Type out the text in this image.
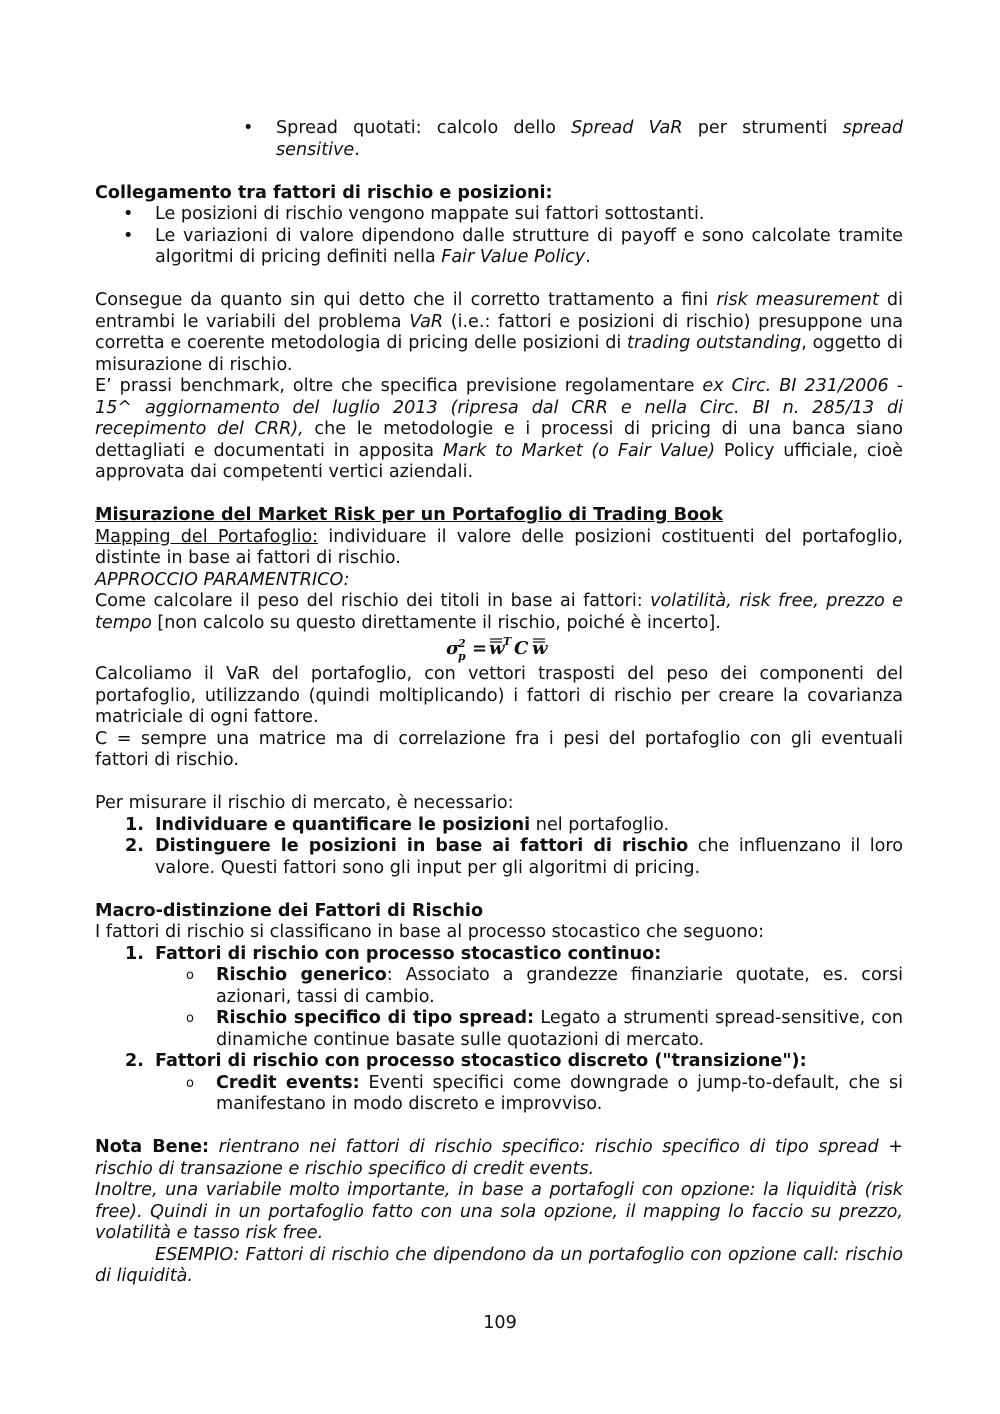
• Spread quotati: calcolo dello Spread VaR per strumenti spread sensitive.

Collegamento tra fattori di rischio e posizioni:

• Le posizioni di rischio vengono mappate sui fattori sottostanti.
• Le variazioni di valore dipendono dalle strutture di payoff e sono calcolate tramite algoritmi di pricing definiti nella Fair Value Policy.

Consegue da quanto sin qui detto che il corretto trattamento a fini risk measurement di entrambi le variabili del problema VaR (i.e.: fattori e posizioni di rischio) presuppone una corretta e coerente metodologia di pricing delle posizioni di trading outstanding, oggetto di misurazione di rischio.

E’ prassi benchmark, oltre che specifica previsione regolamentare ex Circ. BI 231/2006 - 15^ aggiornamento del luglio 2013 (ripresa dal CRR e nella Circ. BI n. 285/13 di recepimento del CRR), che le metodologie e i processi di pricing di una banca siano dettagliati e documentati in apposita Mark to Market (o Fair Value) Policy ufficiale, cioè approvata dai competenti vertici aziendali.

Misurazione del Market Risk per un Portafoglio di Trading Book

Mapping del Portafoglio: individuare il valore delle posizioni costituenti del portafoglio, distinte in base ai fattori di rischio.

APPROCCIO PARAMENTRICO:

Come calcolare il peso del rischio dei titoli in base ai fattori: volatilità, risk free, prezzo e tempo [non calcolo su questo direttamente il rischio, poiché è incerto].

σ
2
p = w
T C w

Calcoliamo il VaR del portafoglio, con vettori trasposti del peso dei componenti del portafoglio, utilizzando (quindi moltiplicando) i fattori di rischio per creare la covarianza matriciale di ogni fattore.

C = sempre una matrice ma di correlazione fra i pesi del portafoglio con gli eventuali fattori di rischio.

Per misurare il rischio di mercato, è necessario:

1. Individuare e quantificare le posizioni nel portafoglio.
2. Distinguere le posizioni in base ai fattori di rischio che influenzano il loro valore. Questi fattori sono gli input per gli algoritmi di pricing.

Macro-distinzione dei Fattori di Rischio

I fattori di rischio si classificano in base al processo stocastico che seguono:

1. Fattori di rischio con processo stocastico continuo:
o Rischio generico: Associato a grandezze finanziarie quotate, es. corsi azionari, tassi di cambio.
o Rischio specifico di tipo spread: Legato a strumenti spread-sensitive, con dinamiche continue basate sulle quotazioni di mercato.
2. Fattori di rischio con processo stocastico discreto ("transizione"):
o Credit events: Eventi specifici come downgrade o jump-to-default, che si manifestano in modo discreto e improvviso.

Nota Bene: rientrano nei fattori di rischio specifico: rischio specifico di tipo spread + rischio di transazione e rischio specifico di credit events.

Inoltre, una variabile molto importante, in base a portafogli con opzione: la liquidità (risk free). Quindi in un portafoglio fatto con una sola opzione, il mapping lo faccio su prezzo, volatilità e tasso risk free.

ESEMPIO: Fattori di rischio che dipendono da un portafoglio con opzione call: rischio di liquidità.

109
